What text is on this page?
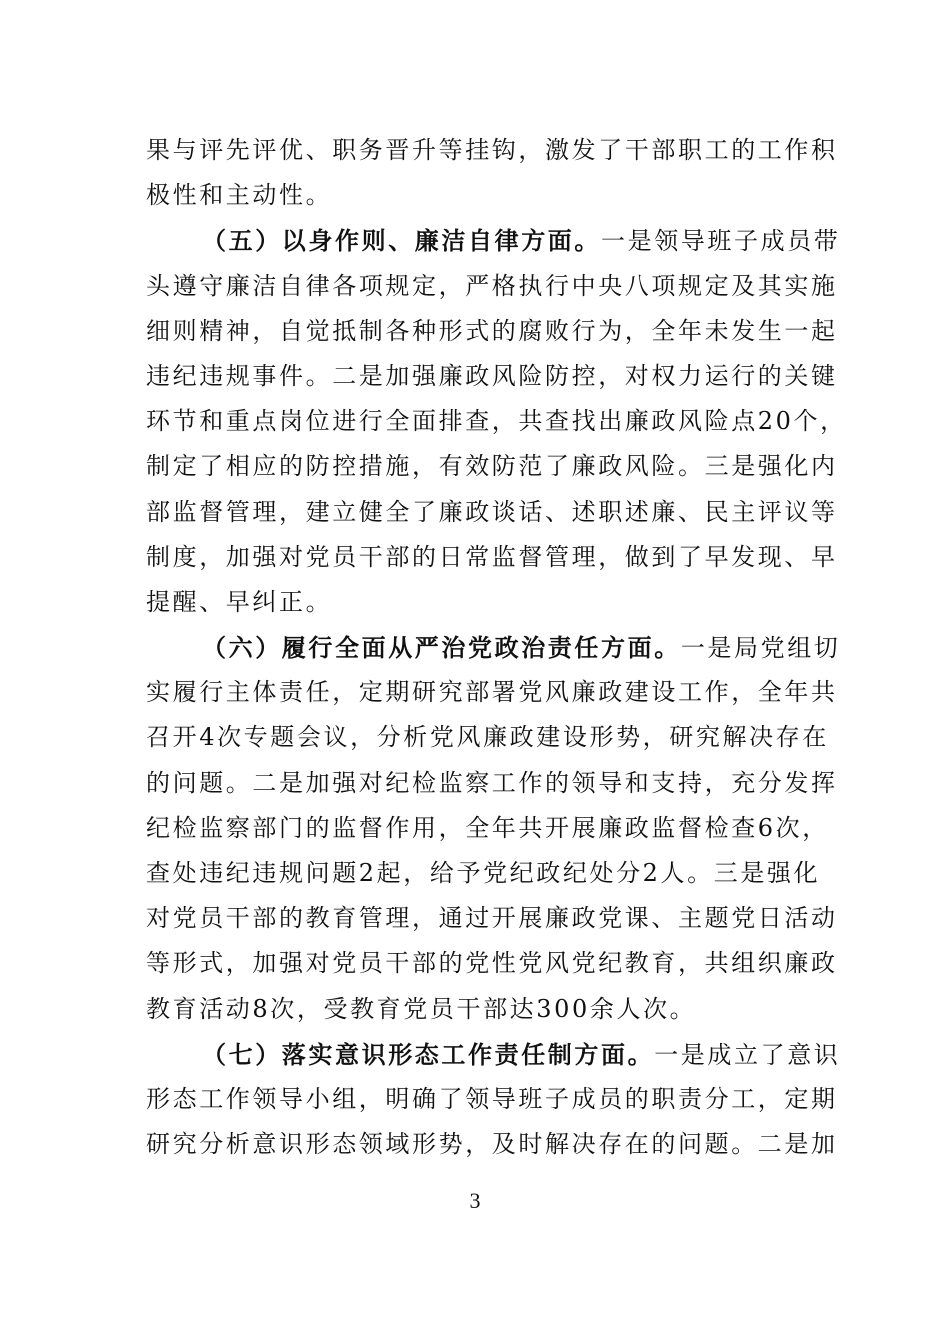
果与评先评优、职务晋升等挂钩，激发了干部职工的工作积
极性和主动性。
（五）以身作则、廉洁自律方面。一是领导班子成员带
头遵守廉洁自律各项规定，严格执行中央八项规定及其实施
细则精神，自觉抵制各种形式的腐败行为，全年未发生一起
违纪违规事件。二是加强廉政风险防控，对权力运行的关键
环节和重点岗位进行全面排查，共查找出廉政风险点20个，
制定了相应的防控措施，有效防范了廉政风险。三是强化内
部监督管理，建立健全了廉政谈话、述职述廉、民主评议等
制度，加强对党员干部的日常监督管理，做到了早发现、早
提醒、早纠正。
（六）履行全面从严治党政治责任方面。一是局党组切
实履行主体责任，定期研究部署党风廉政建设工作，全年共
召开4次专题会议，分析党风廉政建设形势，研究解决存在
的问题。二是加强对纪检监察工作的领导和支持，充分发挥
纪检监察部门的监督作用，全年共开展廉政监督检查6次，
查处违纪违规问题2起，给予党纪政纪处分2人。三是强化
对党员干部的教育管理，通过开展廉政党课、主题党日活动
等形式，加强对党员干部的党性党风党纪教育，共组织廉政
教育活动8次，受教育党员干部达300余人次。
（七）落实意识形态工作责任制方面。一是成立了意识
形态工作领导小组，明确了领导班子成员的职责分工，定期
研究分析意识形态领域形势，及时解决存在的问题。二是加
3
